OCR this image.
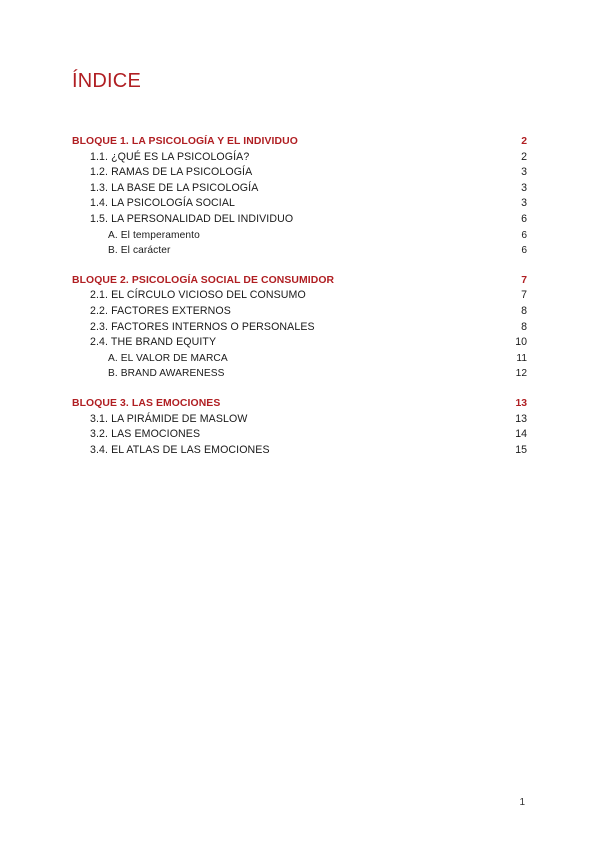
ÍNDICE
BLOQUE 1. LA PSICOLOGÍA Y EL INDIVIDUO	2
1.1. ¿QUÉ ES LA PSICOLOGÍA?	2
1.2. RAMAS DE LA PSICOLOGÍA	3
1.3. LA BASE DE LA PSICOLOGÍA	3
1.4. LA PSICOLOGÍA SOCIAL	3
1.5. LA PERSONALIDAD DEL INDIVIDUO	6
A. El temperamento	6
B. El carácter	6
BLOQUE 2. PSICOLOGÍA SOCIAL DE CONSUMIDOR	7
2.1. EL CÍRCULO VICIOSO DEL CONSUMO	7
2.2. FACTORES EXTERNOS	8
2.3. FACTORES INTERNOS O PERSONALES	8
2.4. THE BRAND EQUITY	10
A. EL VALOR DE MARCA	11
B. BRAND AWARENESS	12
BLOQUE 3. LAS EMOCIONES	13
3.1. LA PIRÁMIDE DE MASLOW	13
3.2. LAS EMOCIONES	14
3.4. EL ATLAS DE LAS EMOCIONES	15
1
